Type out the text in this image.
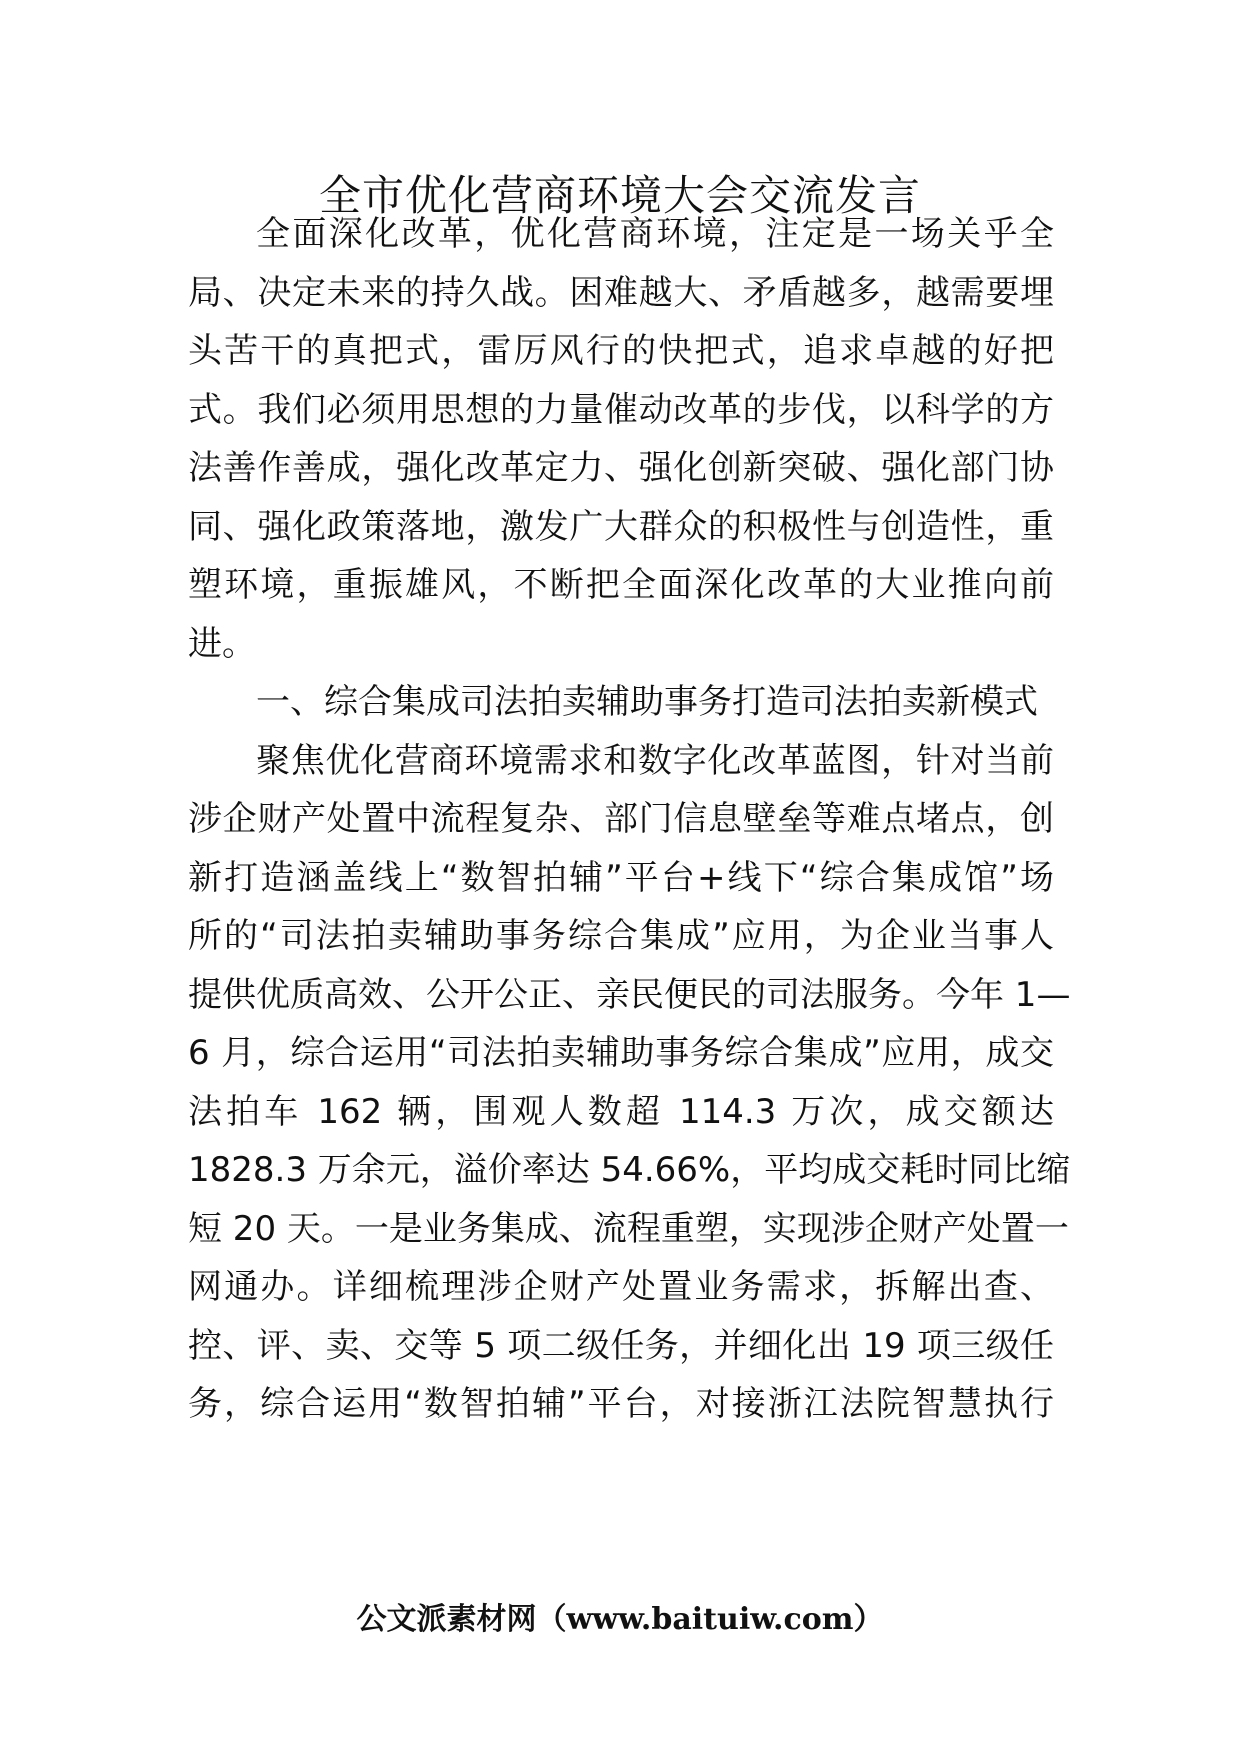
全市优化营商环境大会交流发言

全面深化改革，优化营商环境，注定是一场关乎全

局、决定未来的持久战。困难越大、矛盾越多，越需要埋

头苦干的真把式，雷厉风行的快把式，追求卓越的好把

式。我们必须用思想的力量催动改革的步伐，以科学的方

法善作善成，强化改革定力、强化创新突破、强化部门协

同、强化政策落地，激发广大群众的积极性与创造性，重

塑环境，重振雄风，不断把全面深化改革的大业推向前

进。

一、综合集成司法拍卖辅助事务打造司法拍卖新模式

聚焦优化营商环境需求和数字化改革蓝图，针对当前

涉企财产处置中流程复杂、部门信息壁垒等难点堵点，创

新打造涵盖线上“数智拍辅”平台+线下“综合集成馆”场

所的“司法拍卖辅助事务综合集成”应用，为企业当事人

提供优质高效、公开公正、亲民便民的司法服务。今年 1—

6 月，综合运用“司法拍卖辅助事务综合集成”应用，成交

法拍车 162 辆，围观人数超 114.3 万次，成交额达

1828.3 万余元，溢价率达 54.66%，平均成交耗时同比缩

短 20 天。一是业务集成、流程重塑，实现涉企财产处置一

网通办。详细梳理涉企财产处置业务需求，拆解出查、

控、评、卖、交等 5 项二级任务，并细化出 19 项三级任

务，综合运用“数智拍辅”平台，对接浙江法院智慧执行

公文派素材网（www.baituiw.com）
